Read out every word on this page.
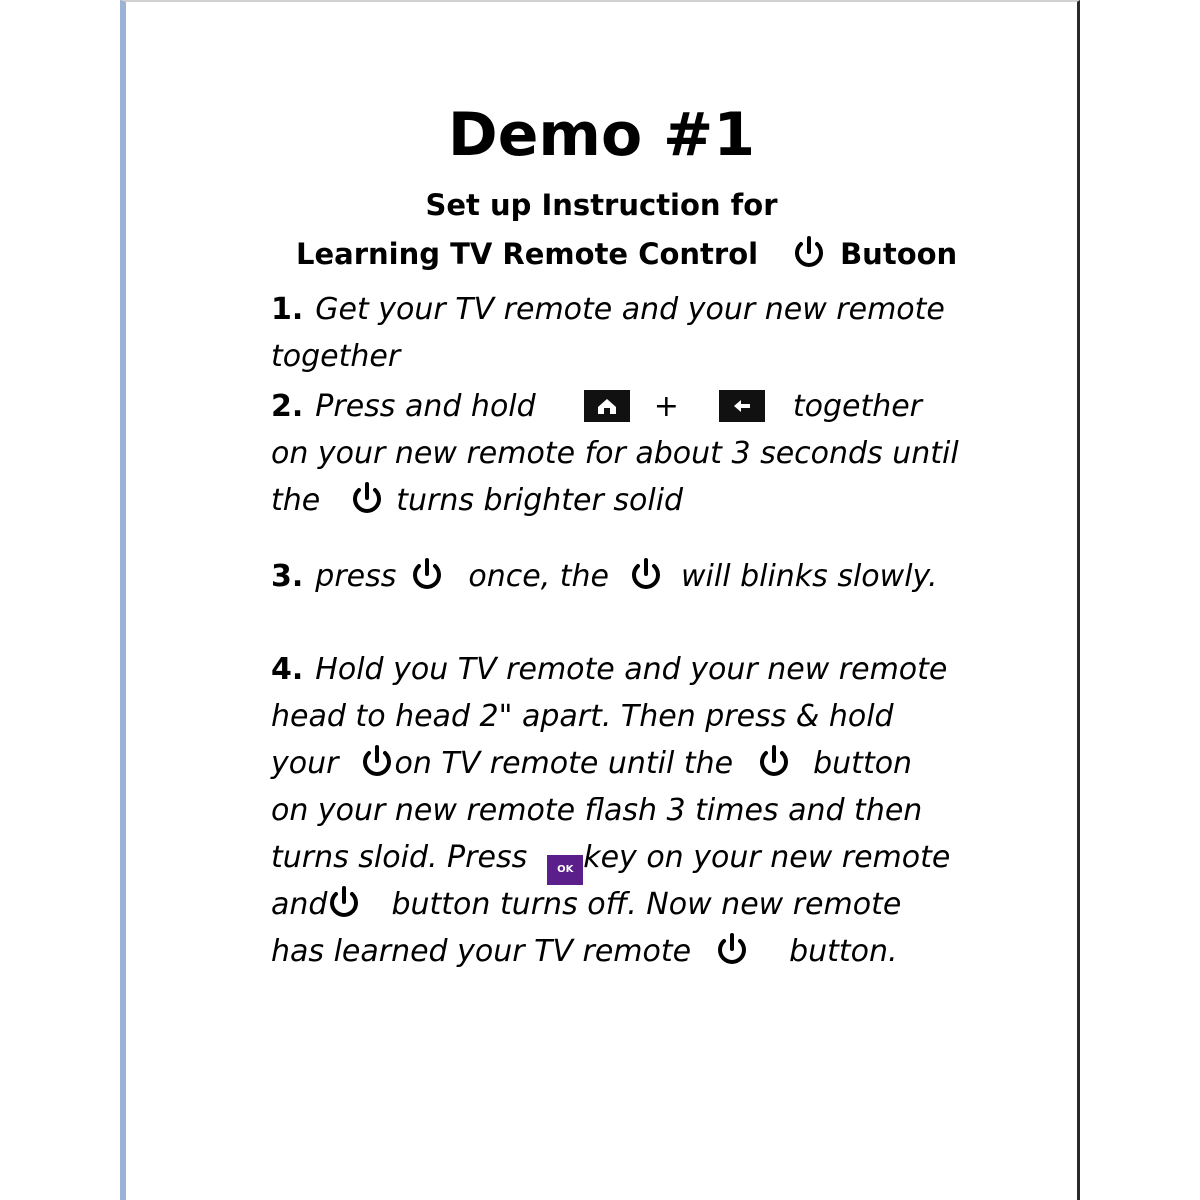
Demo #1
Set up Instruction for
Learning TV Remote Control	Butoon
1. Get your TV remote and your new remote
together
2. Press and hold	+	together
on your new remote for about 3 seconds until
the	turns brighter solid
3. press once, the will blinks slowly.
4. Hold you TV remote and your new remote
head to head 2" apart. Then press & hold
your on TV remote until the	button
on your new remote flash 3 times and then
turns sloid. Press	OK key on your new remote
and button turns off. Now new remote
has learned your TV remote	button.
